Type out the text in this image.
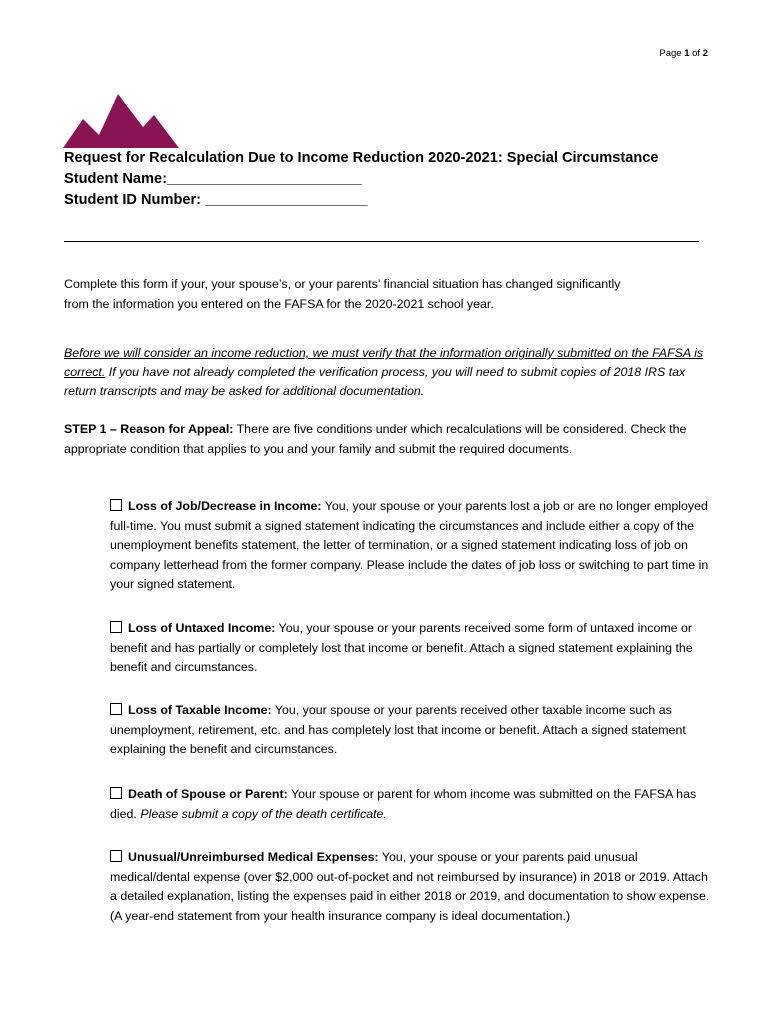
Page 1 of 2
Request for Recalculation Due to Income Reduction 2020-2021: Special Circumstance
Student Name:________________________
Student ID Number: ____________________
Complete this form if your, your spouse’s, or your parents’ financial situation has changed significantly
from the information you entered on the FAFSA for the 2020-2021 school year.
Before we will consider an income reduction, we must verify that the information originally submitted on the FAFSA is correct. If you have not already completed the verification process, you will need to submit copies of 2018 IRS tax return transcripts and may be asked for additional documentation.
STEP 1 – Reason for Appeal: There are five conditions under which recalculations will be considered. Check the appropriate condition that applies to you and your family and submit the required documents.
Loss of Job/Decrease in Income: You, your spouse or your parents lost a job or are no longer employed full-time. You must submit a signed statement indicating the circumstances and include either a copy of the unemployment benefits statement, the letter of termination, or a signed statement indicating loss of job on company letterhead from the former company. Please include the dates of job loss or switching to part time in your signed statement.
Loss of Untaxed Income: You, your spouse or your parents received some form of untaxed income or benefit and has partially or completely lost that income or benefit. Attach a signed statement explaining the benefit and circumstances.
Loss of Taxable Income: You, your spouse or your parents received other taxable income such as unemployment, retirement, etc. and has completely lost that income or benefit. Attach a signed statement explaining the benefit and circumstances.
Death of Spouse or Parent: Your spouse or parent for whom income was submitted on the FAFSA has died. Please submit a copy of the death certificate.
Unusual/Unreimbursed Medical Expenses: You, your spouse or your parents paid unusual medical/dental expense (over $2,000 out-of-pocket and not reimbursed by insurance) in 2018 or 2019. Attach a detailed explanation, listing the expenses paid in either 2018 or 2019, and documentation to show expense. (A year-end statement from your health insurance company is ideal documentation.)
